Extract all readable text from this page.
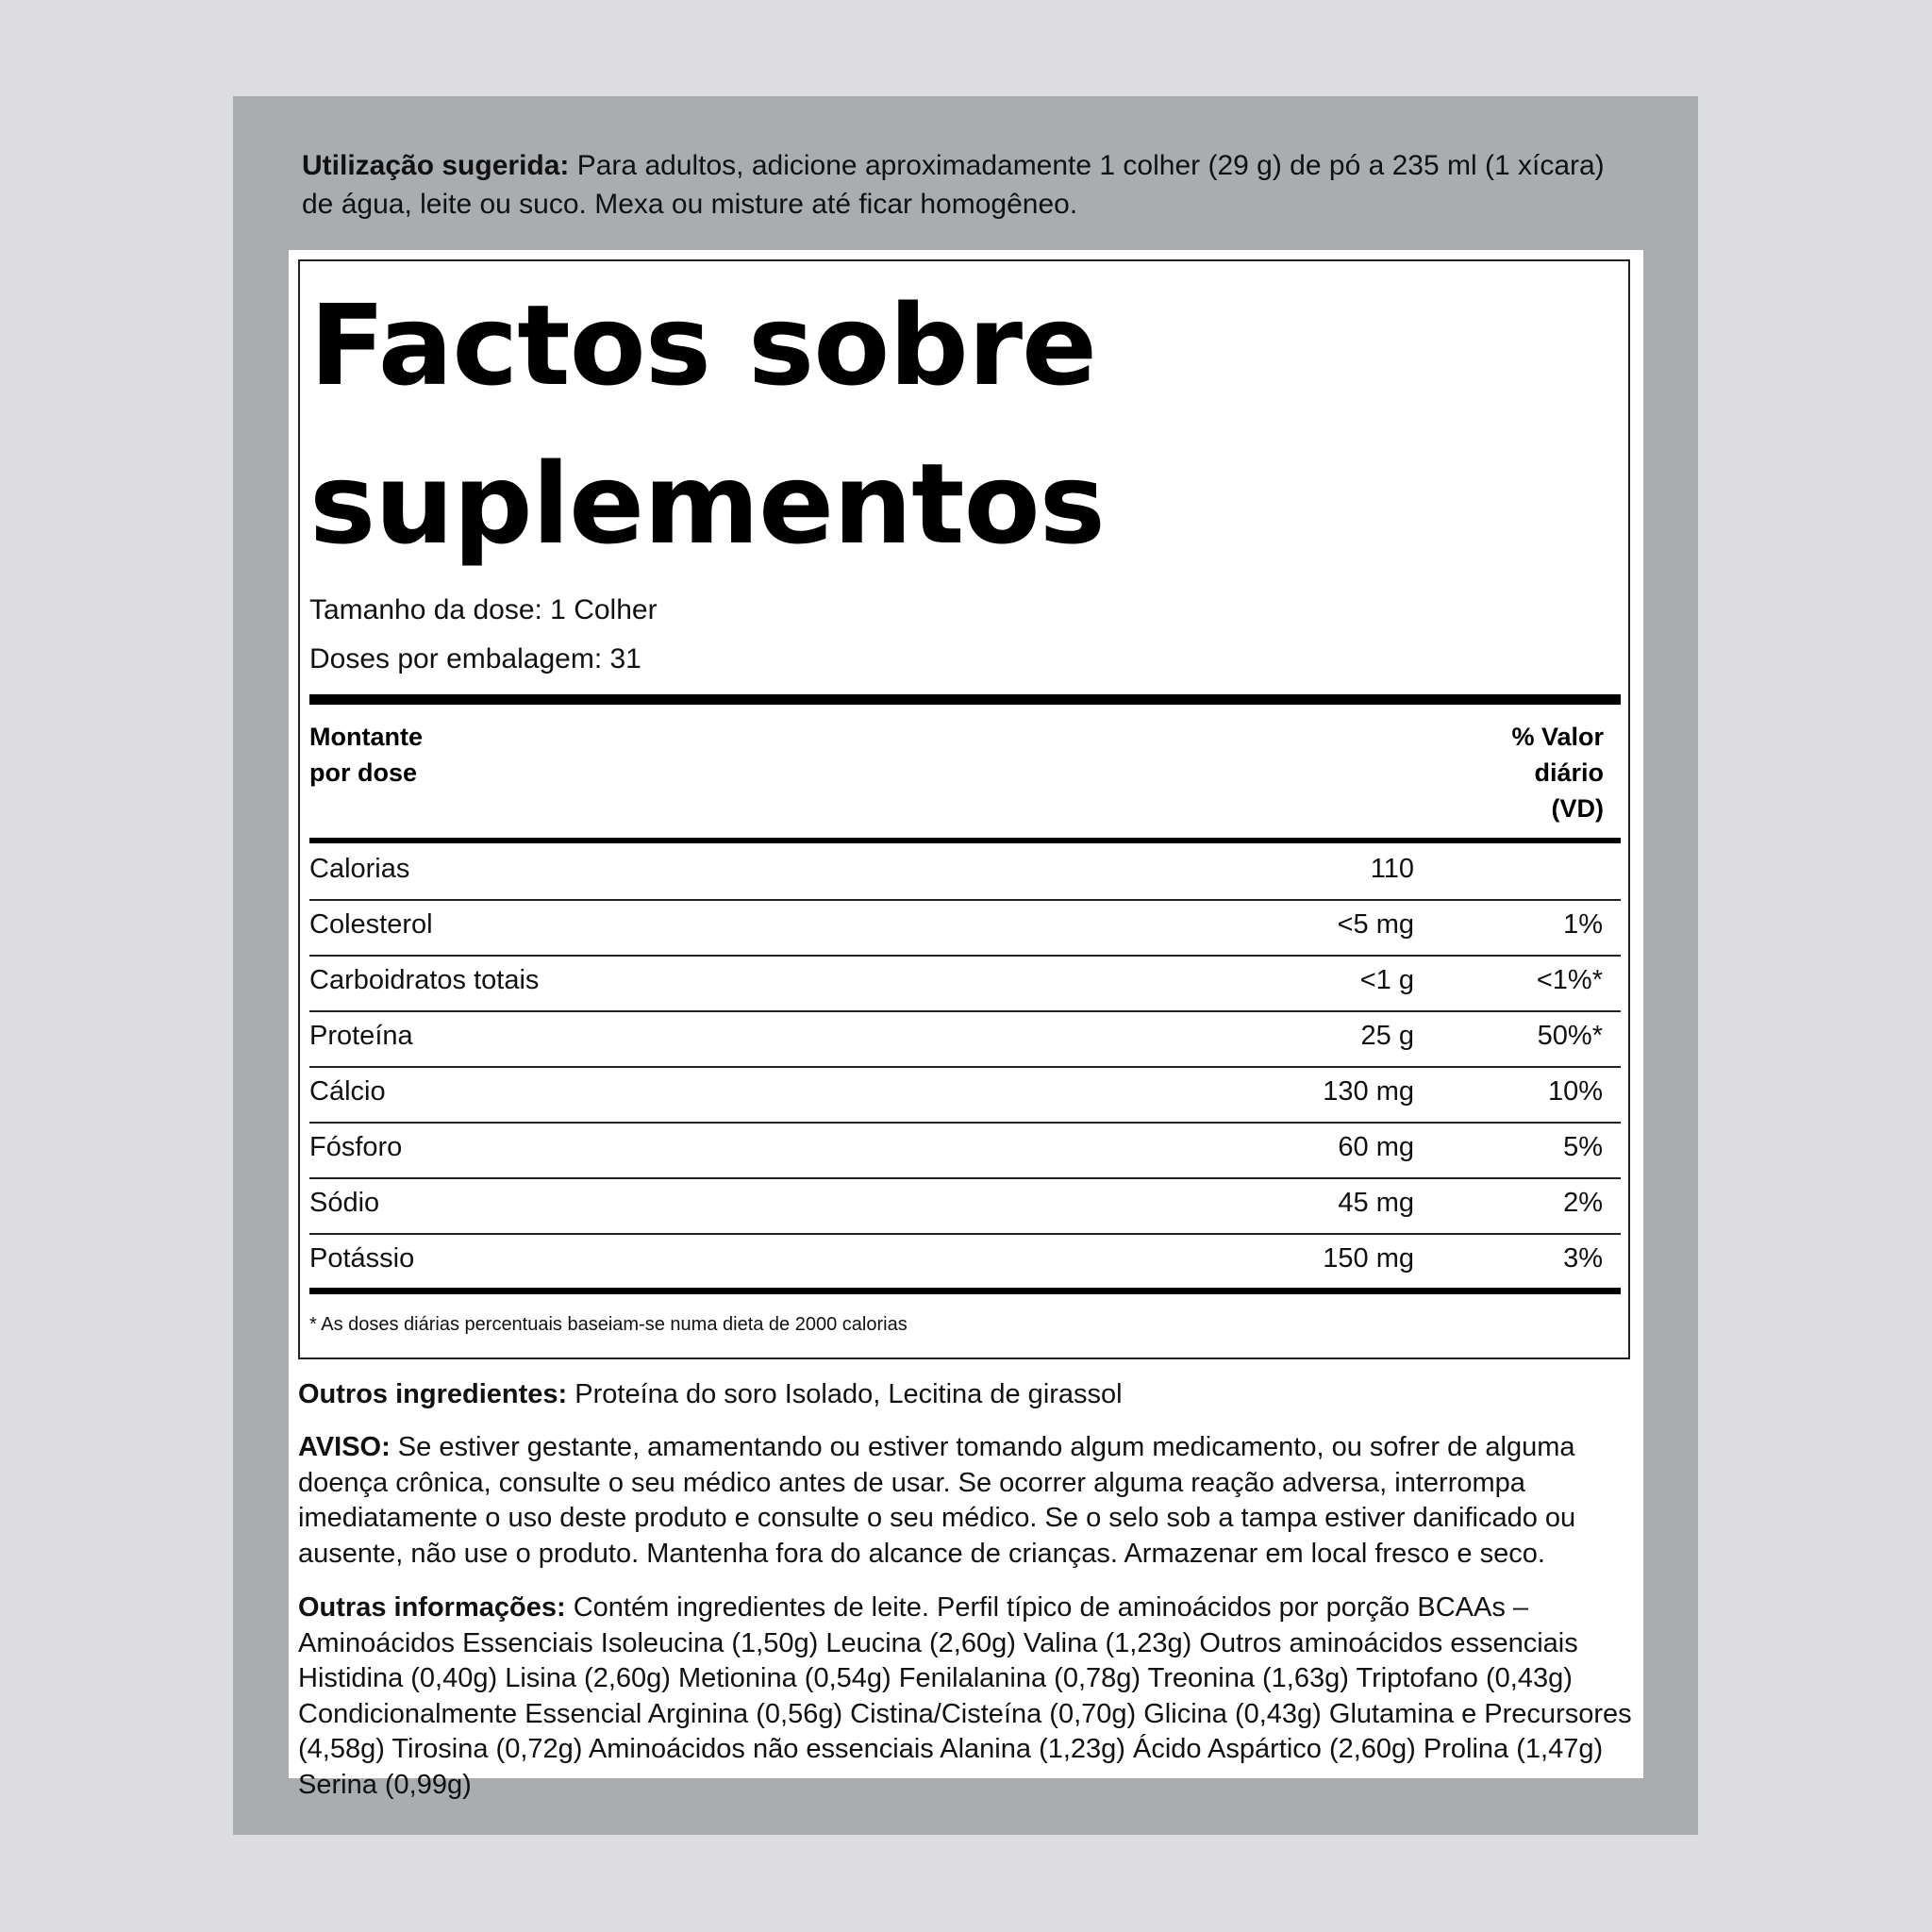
Utilização sugerida: Para adultos, adicione aproximadamente 1 colher (29 g) de pó a 235 ml (1 xícara) de água, leite ou suco. Mexa ou misture até ficar homogêneo.
Factos sobre suplementos
Tamanho da dose: 1 Colher
Doses por embalagem: 31
Montante
por dose
% Valor
diário
(VD)
Calorias	110
Colesterol	<5 mg	1%
Carboidratos totais	<1 g	<1%*
Proteína	25 g	50%*
Cálcio	130 mg	10%
Fósforo	60 mg	5%
Sódio	45 mg	2%
Potássio	150 mg	3%
* As doses diárias percentuais baseiam-se numa dieta de 2000 calorias

Outros ingredientes: Proteína do soro Isolado, Lecitina de girassol

AVISO: Se estiver gestante, amamentando ou estiver tomando algum medicamento, ou sofrer de alguma doença crônica, consulte o seu médico antes de usar. Se ocorrer alguma reação adversa, interrompa imediatamente o uso deste produto e consulte o seu médico. Se o selo sob a tampa estiver danificado ou ausente, não use o produto. Mantenha fora do alcance de crianças. Armazenar em local fresco e seco.

Outras informações: Contém ingredientes de leite. Perfil típico de aminoácidos por porção BCAAs – Aminoácidos Essenciais Isoleucina (1,50g) Leucina (2,60g) Valina (1,23g) Outros aminoácidos essenciais Histidina (0,40g) Lisina (2,60g) Metionina (0,54g) Fenilalanina (0,78g) Treonina (1,63g) Triptofano (0,43g) Condicionalmente Essencial Arginina (0,56g) Cistina/Cisteína (0,70g) Glicina (0,43g) Glutamina e Precursores (4,58g) Tirosina (0,72g) Aminoácidos não essenciais Alanina (1,23g) Ácido Aspártico (2,60g) Prolina (1,47g) Serina (0,99g)
